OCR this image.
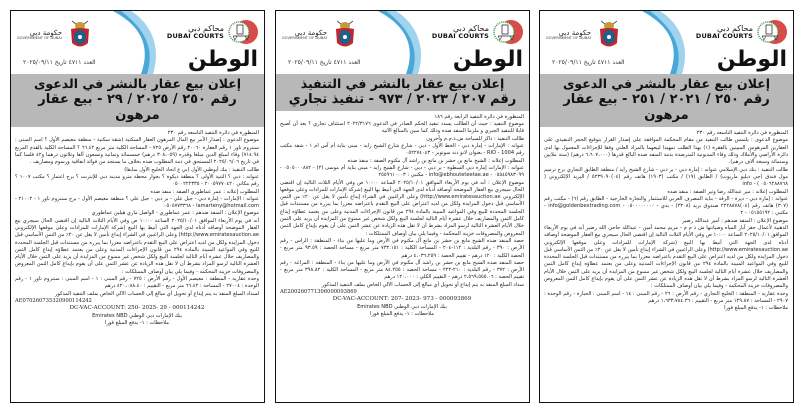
محاكم دبي
DUBAI COURTS
حكومة دبي
GOVERNMENT OF DUBAI
الوطن
العدد ٤٧١١ تاريخ ٢٠٢٥/٠٩/١١
إعلان بيع عقار بالنشر في الدعوى
رقم ٢٥٠ / ٢٠٢١ / ٢٥١ - بيع عقار مرهون

المنظورة في دائرة التنفيذ التاسعة رقم ٢٣٠

موضوع الدعوى : يلتمس طالب التنفيذ من مقام المحكمة الموافقة على إصدار القرار بتوقيع الحجز التنفيذي على العقارين المرهونين المبينين بالفقرة (١) بهذا الطلب تمهيدا لبيعهما بالمزاد العلني وفقا للإجراءات المعمول بها لدى دائرة الأراضي والأملاك وذلك وفاء المديونية المترصدة بذمة المنفذ ضده البالغ قدرها (٦،٦٠٧،٠٠٠ درهم) (ستة ملايين وستمائة وسبعة آلاف درهم).

طالب التنفيذ : بنك دبي الإسلامي عنوانه : إمارة دبي - بر دبي - شارع الشيخ زايد / منطقة الطابق التجاري برج ترميم مول فندق (جي دبليو ماريوت) / الطابق (١٩) / مكتب (١٩٠٣) هاتف رقم (٠٤)٥٢٣٩٠٩٠ / البريد الإلكتروني ( ٠٥٠٦٢٨٨٧٦٨ ) - info

المطلوب إعلانه : مير عبدالله رضا وتير الصفة : منفذ ضده

عنوانه : إمارة دبي - ديرة - الرقة - بناية المصرف العربي للاستثمار والتجارة الخارجية - الطابق رقم (٦) - مكتب رقم (٣٠٧) هاتف رقم (٠٤)٢٢٢٨٨٧٨ صندوق بريد (٢٣٠٨) - بدي - ٠٥٠٠٠٠٠٠٠٠ - info@goldenbextrading.com - مكتبي : ٠٥١٥٥١٩٢ - ٢

موضوع الإعلان : المنفذ ضدهم : أمير عبدالله رضير

الذهبية لأعمال حفر آبار المياه وصيانتها ش ذ م م - مريم محمد أمين - عبدالله حاجي الله رضير أنه في يوم الأربعاء الموافق ٢٠٢٥/١٠/٠١ الساعة ١٠:٠٠ ص وفي الأيام الثلاث التالية إن اقتضى الحال سيجري بيع العقار الموضحة أوصافه أدناه لدى الجهة التي أنيط بها البيع (شركة الإمارات للمزادات وعلى موقعها الإلكتروني http://www.emiratesauction.ae) وعلى الراغبين في الشراء إيداع تأمين لا يقل عن ٢٠٪ من الثمن الأساسي قبل دخول المزايدة ولكل من لديه اعتراض على البيع التقدم باعتراضه معززا بما يبرره من مستندات قبل الجلسة المحددة للبيع وفي المواعيد المبينة بالمادة ٢٩٤ من قانون الإجراءات المدنية وعلى من يعتمد عطاؤه إيداع كامل الثمن والمصاريف خلال عشرة أيام التالية لجلسة البيع ولكل شخص غير ممنوع من المزايدة أن يزيد على الثمن خلال الأيام العشرة التالية لرسو المزاد بشرط أن لا تقل هذه الزيادة عن عشر الثمن على أن يقوم بإيداع كامل الثمن المعروض والمصروفات خزينة المحكمة - وفيما يلي بيان أوصاف الممتلكات :

وحدة عقارية - المنطقة : الخليج التجاري - رقم الأرض : ٢٦ - رقم المبنى : ١٤ - اسم المبنى : الحبارة - رقم الوحدة : ٢٩٠٧ - المساحة : ١٢٩.٨٧ متر مربع - التقييم : ١،٦٣٣،٧٨٤.٣٦ درهم

ملاحظات : ١- يدفع المبلغ فورا

محاكم دبي
DUBAI COURTS
حكومة دبي
GOVERNMENT OF DUBAI
الوطن
العدد ٤٧١١ تاريخ ٢٠٢٥/٠٩/١١
إعلان بيع عقار بالنشر في التنفيذ
رقم ٢٠٧ / ٢٠٢٣ / ٩٧٣ - تنفيذ تجاري

المنظورة في دائرة التنفيذ الرابعة رقم ١٨٦

موضوع التنفيذ : حيث أن الطالب يسدد تنفيذ الحكم الصادر في الدعوى ٢٠٢٢/٣١٧٦ استئناف تجاري ؟ بعد أن أصبح قابلا للتنفيذ الجبري و ملزما المنفذ ضده وذلك كما مبين بالمبالغ الآتية

طالب التنفيذ : ذاكر للسياحة ش.ذ.م.م وآخرون

عنوانه : الإمارات - إمارة دبي - الخط الأول - دبي - شارع شارع الشيخ زايد - مبنى بناية أم آس ام ١ - شقة مكتب رقم 1004 - RIO - بعنوان لانو دنه سوتوبز - ٠٥٢٢٧٤٠٤٣

المطلوب إعلانه : الشيخ مانع بن حشر بن مانع بن راشد آل مكتوم الصفة : منفذ ضده

عنوانه : الإمارات إمارة دبي السطوة - بر دبي - دبي - شارع الشيخ زايد - مبنى بناية أم موسى (٢) - ٠٥٠٥٠٠٠٨٨٢ - ٠٥٥٤٥٩٨٣٠٩٩ - info@ebhouteteetae.ae - مكتبي : ٢٥٥٩٦١٠٠٠٣

موضوع الإعلان : أنه في يوم الأربعاء الموافق ٢٠٢٥/١٠/٠١ الساعة ١٠:٠٠ ص وفي الأيام الثلاث التالية إن اقتضى الحال سيجري بيع العقار الموضحة أوصافه أدناه لدى الجهة التي أنيط بها البيع (شركة الإمارات للمزادات وعلى موقعها الإلكتروني http://www.emiratesauction.ae) وعلى الراغبين في الشراء إيداع تأمين لا يقل عن ٢٠٪ من الثمن الأساسي قبل دخول المزايدة ولكل من لديه اعتراض على البيع التقدم باعتراضه معززا بما يبرره من مستندات قبل الجلسة المحددة للبيع وفي المواعيد المبينة بالمادة ٢٩٤ من قانون الإجراءات المدنية وعلى من يعتمد عطاؤه إيداع كامل الثمن والمصاريف خلال عشرة أيام التالية لجلسة البيع ولكل شخص غير ممنوع من المزايدة أن يزيد على الثمن خلال الأيام العشرة التالية لرسو المزاد بشرط أن لا تقل هذه الزيادة عن عشر الثمن على أن يقوم بإيداع كامل الثمن المعروض والمصروفات خزينة المحكمة - وفيما يلي بيان أوصاف الممتلكات :

حصة المنفذ ضده الشيخ مانع بن حشر بن مانع آل مكتوم في الأرض وما عليها من بناء - المنطقة : الراس - رقم الأرض : ٣٩٠ - رقم البلدية : ١١٢-٢٠٤ - المساحة الكلية : ٧٣٢.١٥١ متر مربع - مساحة الحصة : ٩٣.٥٩ متر مربع - الحصة الكلية : ١٢٠ درهم - تقييم الحصة : ٤،٠٣٦،٢٥٩ درهم

حصة المنفذ ضده الشيخ مانع بن حشر بن راشد آل مكتوم في الأرض وما عليها من بناء - المنطقة : المراغة - رقم الأرض : ٣٧٢ - رقم البلدية : ٢١٠-٢٢٢ - مساحة الحصة : ٨٤.٢٥٥ متر مربع - المساحة الكلية : ٣٩٨.٨٢ متر مربع - تقييم الحصة : ٢،٥٦٩،٥٥٥.٠٦ درهم - التقييم الكلي : ١٢٠،٠٠٠ درهم

سداد المبلغ المنفذ به يتم إيداع أو تحويل أي مبالغ إلى الحساب الآلي الخاص بملف التنفيذ المذكور

AE200260771306000093869

DC-VAC-ACCOUNT: 207- 2023- 973 - 000093869

بنك الإمارات دبي الوطني Emirates NBD

ملاحظات : ١- يدفع المبلغ فورا

محاكم دبي
DUBAI COURTS
حكومة دبي
GOVERNMENT OF DUBAI
الوطن
العدد ٤٧١١ تاريخ ٢٠٢٥/٠٩/١١
إعلان بيع عقار بالنشر في الدعوى
رقم ٢٥٠ / ٢٠٢٥ / ٢٩ - بيع عقار مرهون

المنظورة في دائرة التنفيذ التاسعة رقم ٢٣٠

موضوع الدعوى : إصدار الأمر بيع المال المرهون العقار السكنية (شقة سكنية - منطقة معيصم الأول ؟ اسم المبنى : سنتروم تاور ١ رقم العقارة ٢٠٠٦٠ رقم الأرض ٧٢٥ - المساحة الكلية متر مربع ٦٦.٤٢ ؟ المساحة الكلية بالقدم المربع ٧١٤.٩٤) وفاء لمبلغ الدين مبلغا وقدره (٣٠٨،٠٥٩ درهم) خمسمائة وثمانية وتسعون ألفا وثلاثون درهما و٤٢ فلسا كما في تاريخ ٢٠٢٥/٠٦/٠٦ المستحق في ذمة المطلوب ضده بخلاف ما يستجد من فوائد اتفاقية ورسوم ومصاريف .

طالب التنفيذ : بنك أبوظبي الأول (بي ع اتحاد الخليج الأول سابقا)

عنوانه : دبي ؟ التنية الأولى ؟ منطقة ديكوة ؟ بجوار محطة مترو مدينة دبي للإنترنت ؟ برج اعتمار ؟ مكتب ١٠٠٧ ؟ رقم مكاني ٢٠٠٥٩٧٧٠٤٢٠ - ٠٥٠٠٢٢٢٣٣٥

المطلوب إعلانه : عمر عماطوري الصفة : منفذ ضده

عنوانه : الإمارات - إمارة دبي - جبل علي - بر دبي - جبل علي ؟ منطقة معيصم الأول - برج سنتروم تاور ١ - ٢١٠٠٢ - lamarteny@hotmail.com - ٠٥٠٥٧٧٣٣٦٨

موضوع الإعلان : المنفذ ضدهم : عمر عماطوري - الواصل ماري هيلين عماطوري

أنه في يوم الأربعاء الموافق ٢٠٢٥/١٠/٠١ الساعة ١٠:٠٠ ص وفي الأيام الثلاث التالية إن اقتضى الحال سيجري بيع العقار الموضحة أوصافه أدناه لدى الجهة التي أنيط بها البيع (شركة الإمارات للمزادات وعلى موقعها الإلكتروني http://www.emiratesauction.ae) وعلى الراغبين في الشراء إيداع تأمين لا يقل عن ٢٠٪ من الثمن الأساسي قبل دخول المزايدة ولكل من لديه اعتراض على البيع التقدم باعتراضه معززا بما يبرره من مستندات قبل الجلسة المحددة للبيع وفي المواعيد المبينة بالمادة ٢٩٤ من قانون الإجراءات المدنية وعلى من يعتمد عطاؤه إيداع كامل الثمن والمصاريف خلال عشرة أيام التالية لجلسة البيع ولكل شخص غير ممنوع من المزايدة أن يزيد على الثمن خلال الأيام العشرة التالية لرسو المزاد بشرط أن لا تقل هذه الزيادة عن عشر الثمن على أن يقوم بإيداع كامل الثمن المعروض والمصروفات خزينة المحكمة - وفيما يلي بيان أوصاف الممتلكات :

وحدة عقارية - المنطقة : معيصم الأول - رقم الأرض : ٧٢٥ - رقم المبنى : ١ - اسم المبنى : سنتروم تاور ١ - رقم الوحدة : ٢٧٠٠٤ - المساحة : ٦٦.٤٢ متر مربع - التقييم : ٤٢٠،٠٨٨.٤٠ درهم

لسداد المبلغ المنفذ به يتم إيداع أو تحويل أي مبالغ إلى الحساب الآلي الخاص بملف التنفيذ المذكور

AE070260735320900114242

DC-VAC-ACCOUNT: 250- 2025- 29 - 000114242

بنك الإمارات دبي الوطني Emirates NBD

ملاحظات : ١- يدفع المبلغ فورا
